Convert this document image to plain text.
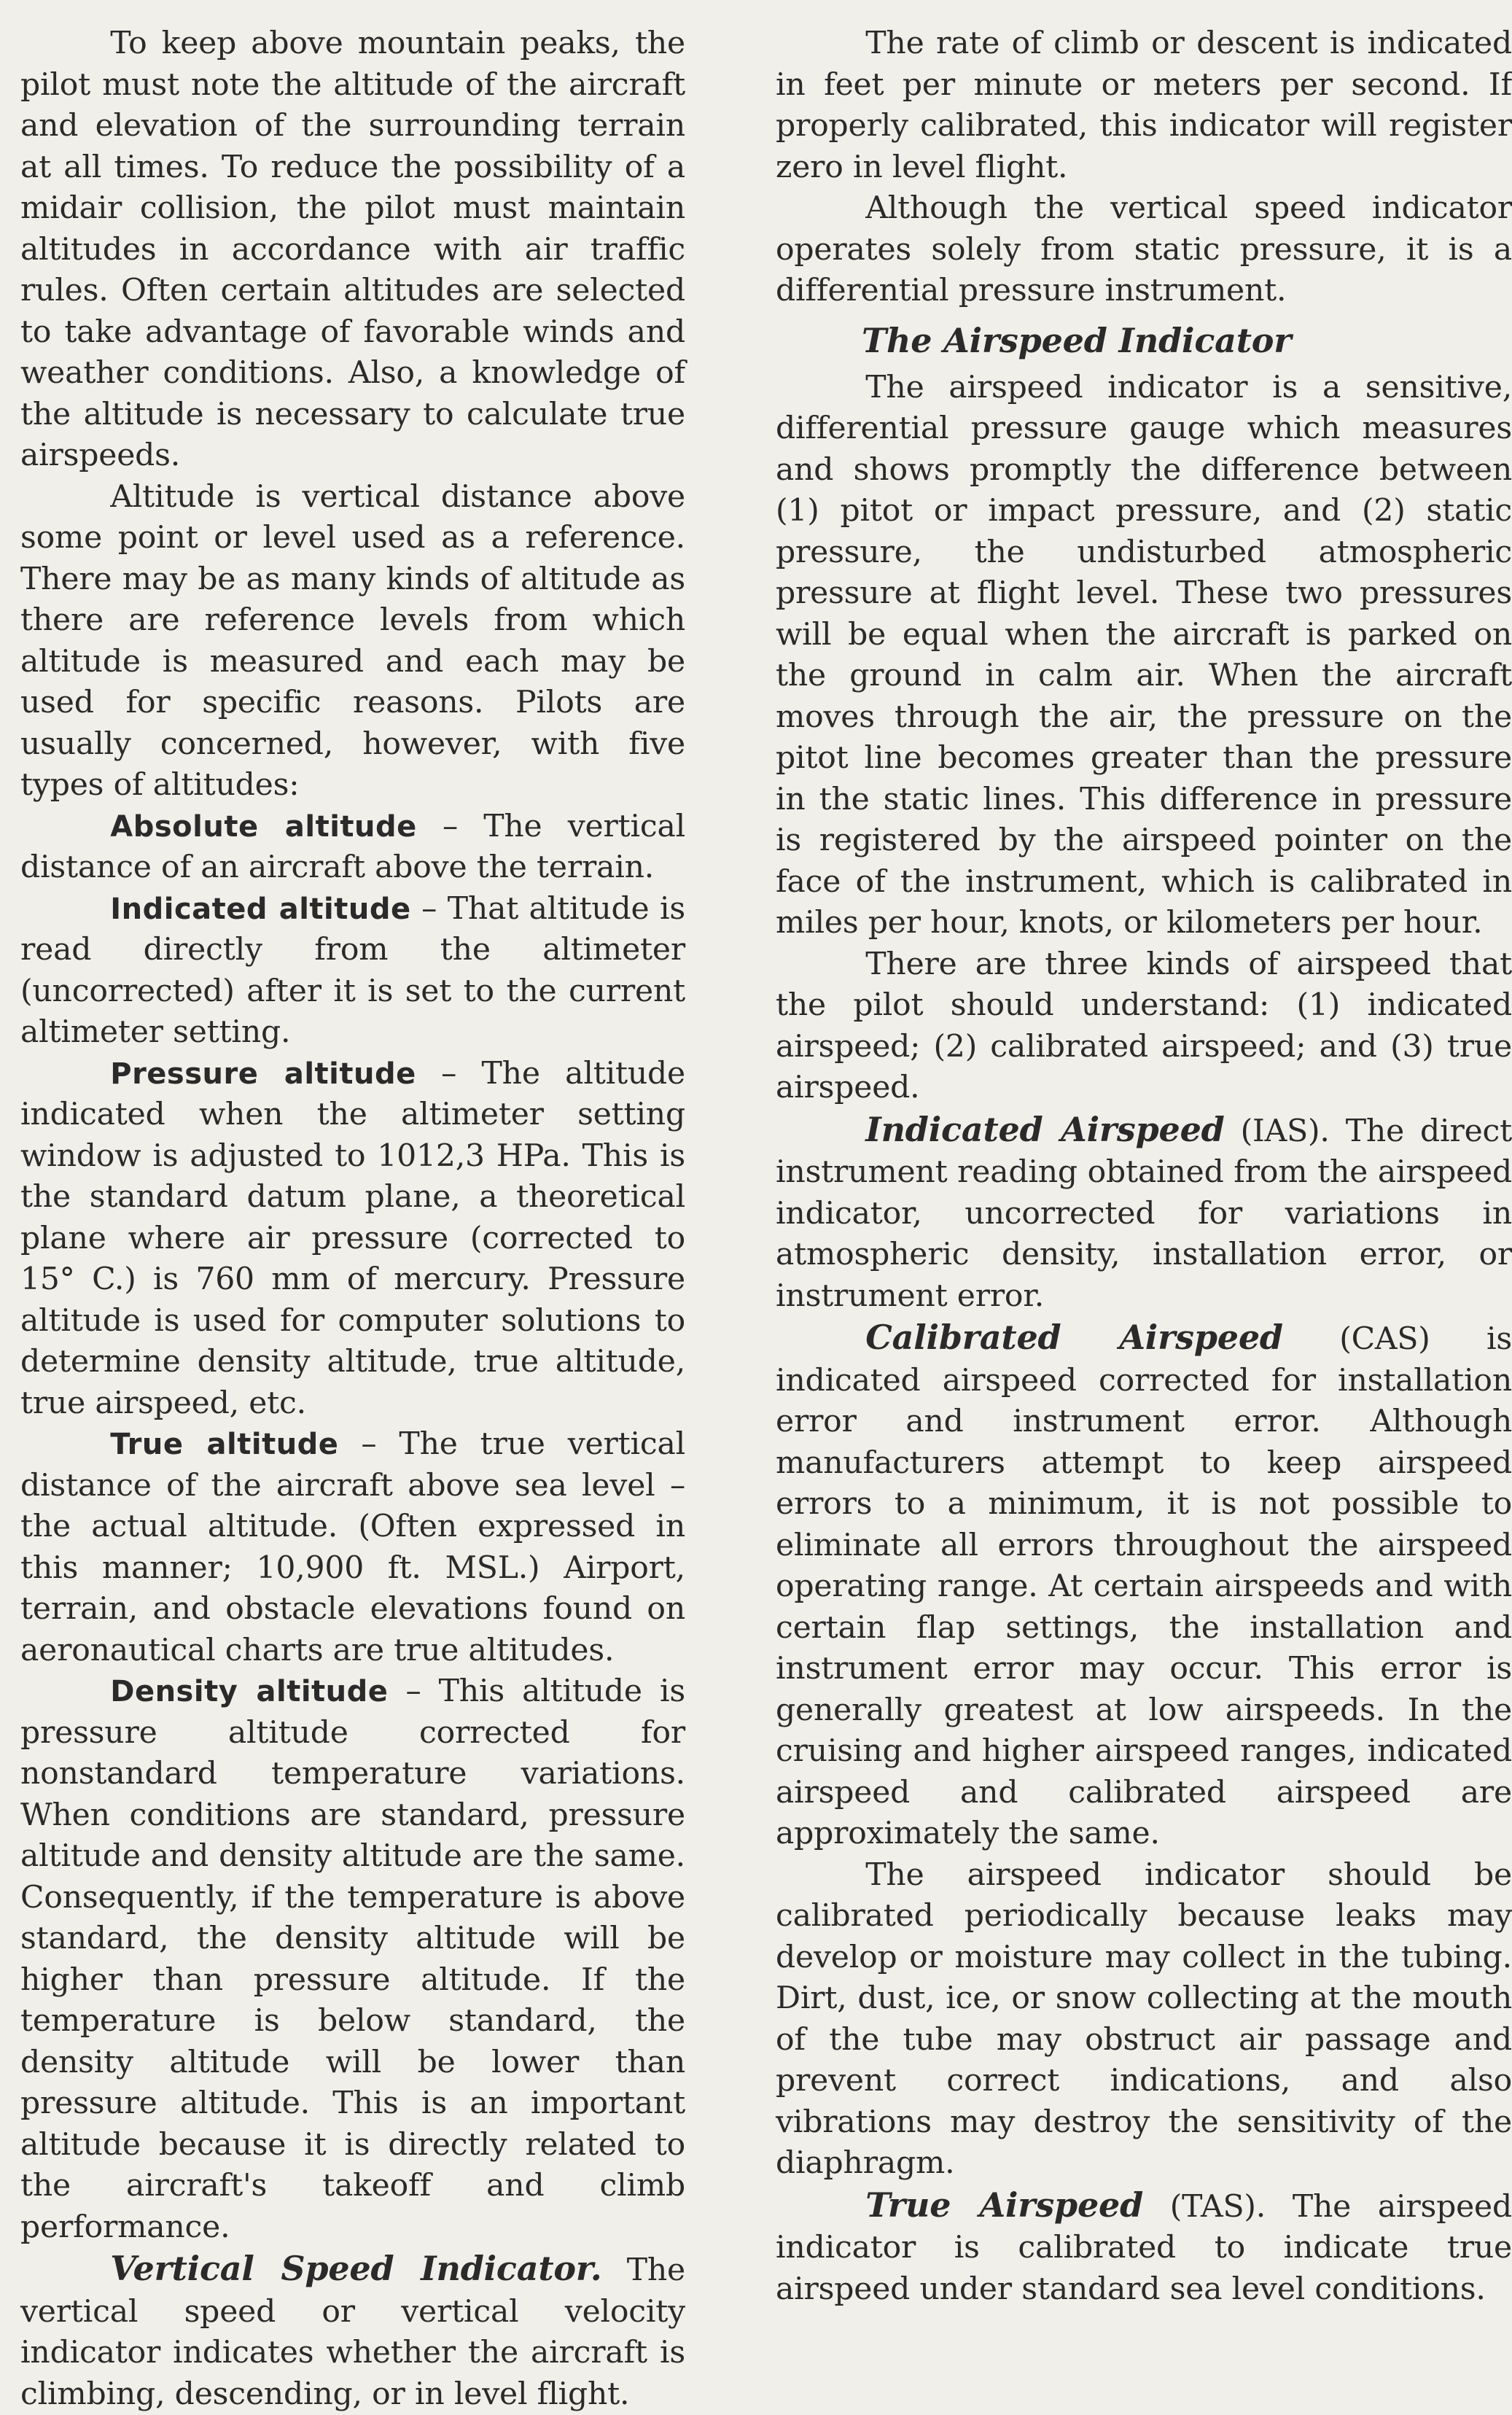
To keep above mountain peaks, the pilot must note the altitude of the aircraft and elevation of the surrounding terrain at all times. To reduce the possibility of a midair collision, the pilot must maintain altitudes in accordance with air traffic rules. Often certain altitudes are selected to take advantage of favorable winds and weather conditions. Also, a knowledge of the altitude is necessary to calculate true airspeeds.

Altitude is vertical distance above some point or level used as a reference. There may be as many kinds of altitude as there are reference levels from which altitude is measured and each may be used for specific reasons. Pilots are usually concerned, however, with five types of altitudes:

Absolute altitude – The vertical distance of an aircraft above the terrain.

Indicated altitude – That altitude is read directly from the altimeter (uncorrected) after it is set to the current altimeter setting.

Pressure altitude – The altitude indicated when the altimeter setting window is adjusted to 1012,3 HPa. This is the standard datum plane, a theoretical plane where air pressure (corrected to 15° C.) is 760 mm of mercury. Pressure altitude is used for computer solutions to determine density altitude, true altitude, true airspeed, etc.

True altitude – The true vertical distance of the aircraft above sea level – the actual altitude. (Often expressed in this manner; 10,900 ft. MSL.) Airport, terrain, and obstacle elevations found on aeronautical charts are true altitudes.

Density altitude – This altitude is pressure altitude corrected for nonstandard temperature variations. When conditions are standard, pressure altitude and density altitude are the same. Consequently, if the temperature is above standard, the density altitude will be higher than pressure altitude. If the temperature is below standard, the density altitude will be lower than pressure altitude. This is an important altitude because it is directly related to the aircraft's takeoff and climb performance.

Vertical Speed Indicator. The vertical speed or vertical velocity indicator indicates whether the aircraft is climbing, descending, or in level flight.

The rate of climb or descent is indicated in feet per minute or meters per second. If properly calibrated, this indicator will register zero in level flight.

Although the vertical speed indicator operates solely from static pressure, it is a differential pressure instrument.

The Airspeed Indicator

The airspeed indicator is a sensitive, differential pressure gauge which measures and shows promptly the difference between (1) pitot or impact pressure, and (2) static pressure, the undisturbed atmospheric pressure at flight level. These two pressures will be equal when the aircraft is parked on the ground in calm air. When the aircraft moves through the air, the pressure on the pitot line becomes greater than the pressure in the static lines. This difference in pressure is registered by the airspeed pointer on the face of the instrument, which is calibrated in miles per hour, knots, or kilometers per hour.

There are three kinds of airspeed that the pilot should understand: (1) indicated airspeed; (2) calibrated airspeed; and (3) true airspeed.

Indicated Airspeed (IAS). The direct instrument reading obtained from the airspeed indicator, uncorrected for variations in atmospheric density, installation error, or instrument error.

Calibrated Airspeed (CAS) is indicated airspeed corrected for installation error and instrument error. Although manufacturers attempt to keep airspeed errors to a minimum, it is not possible to eliminate all errors throughout the airspeed operating range. At certain airspeeds and with certain flap settings, the installation and instrument error may occur. This error is generally greatest at low airspeeds. In the cruising and higher airspeed ranges, indicated airspeed and calibrated airspeed are approximately the same.

The airspeed indicator should be calibrated periodically because leaks may develop or moisture may collect in the tubing. Dirt, dust, ice, or snow collecting at the mouth of the tube may obstruct air passage and prevent correct indications, and also vibrations may destroy the sensitivity of the diaphragm.

True Airspeed (TAS). The airspeed indicator is calibrated to indicate true airspeed under standard sea level conditions.
